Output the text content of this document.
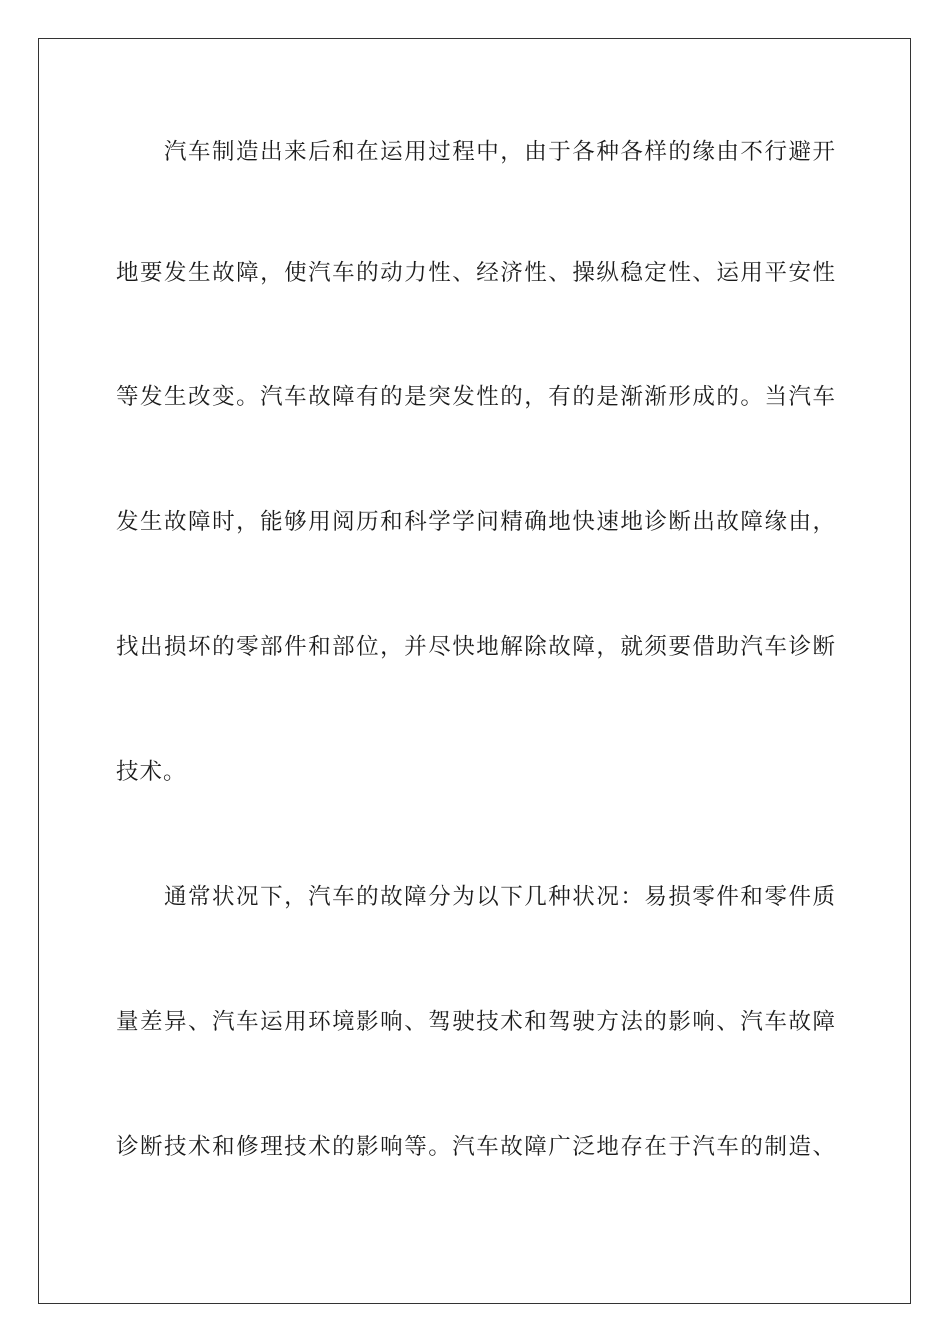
汽车制造出来后和在运用过程中，由于各种各样的缘由不行避开
地要发生故障，使汽车的动力性、经济性、操纵稳定性、运用平安性
等发生改变。汽车故障有的是突发性的，有的是渐渐形成的。当汽车
发生故障时，能够用阅历和科学学问精确地快速地诊断出故障缘由，
找出损坏的零部件和部位，并尽快地解除故障，就须要借助汽车诊断
技术。
通常状况下，汽车的故障分为以下几种状况：易损零件和零件质
量差异、汽车运用环境影响、驾驶技术和驾驶方法的影响、汽车故障
诊断技术和修理技术的影响等。汽车故障广泛地存在于汽车的制造、
